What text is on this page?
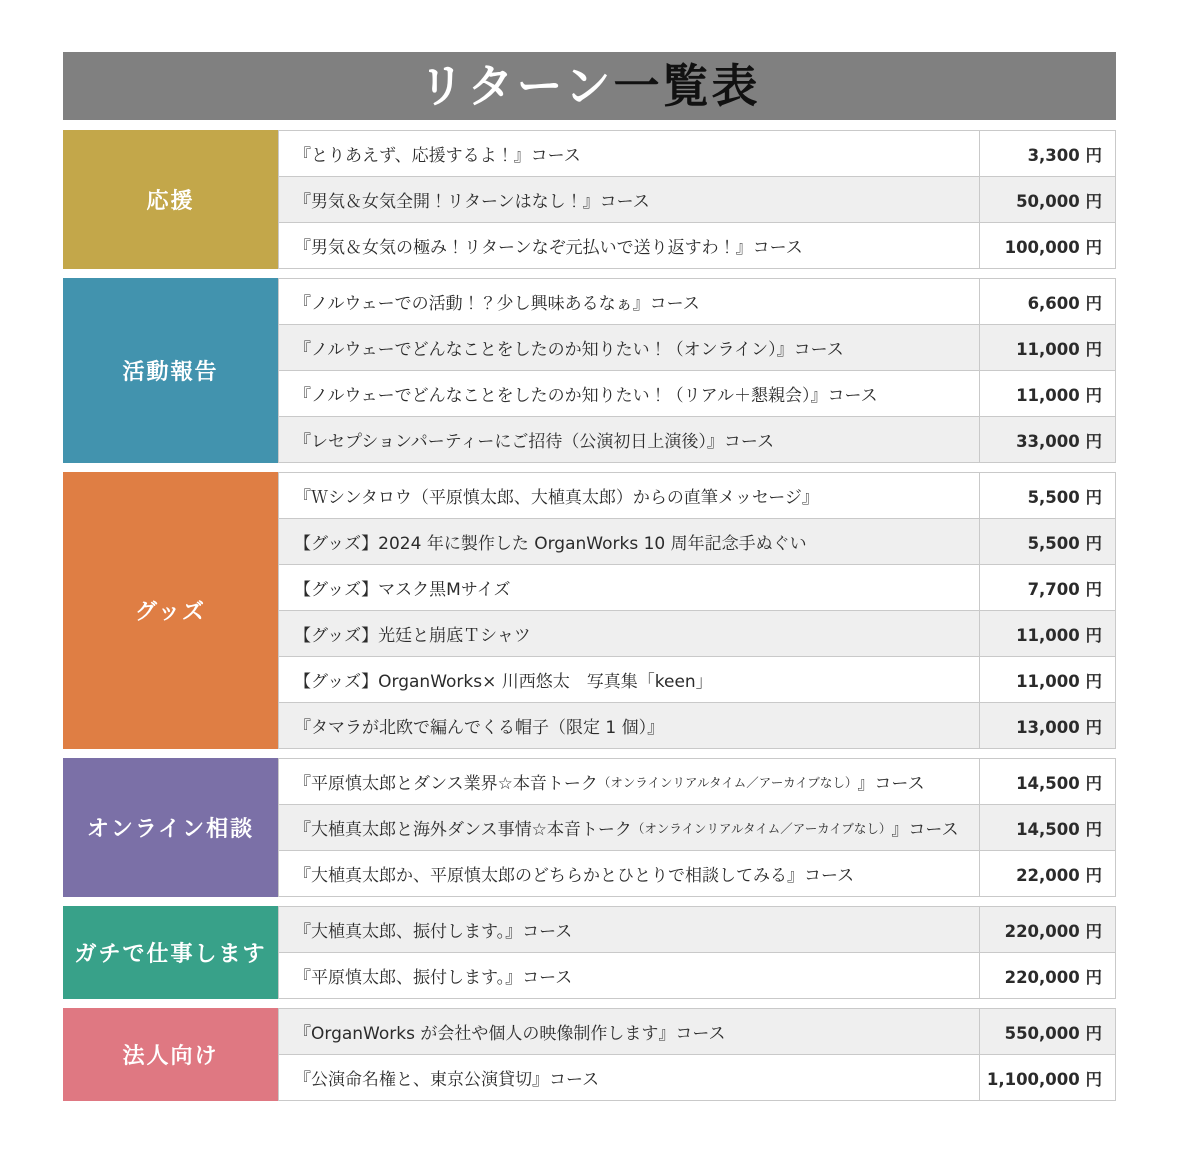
リターン 一覧表
応援
『とりあえず、応援するよ！』コース	3,300 円
『男気＆女気全開！リターンはなし！』コース	50,000 円
『男気＆女気の極み！リターンなぞ元払いで送り返すわ！』コース	100,000 円
活動報告
『ノルウェーでの活動！？少し興味あるなぁ』コース	6,600 円
『ノルウェーでどんなことをしたのか知りたい！（オンライン）』コース	11,000 円
『ノルウェーでどんなことをしたのか知りたい！（リアル＋懇親会）』コース	11,000 円
『レセプションパーティーにご招待（公演初日上演後）』コース	33,000 円
グッズ
『Ｗシンタロウ（平原慎太郎、大植真太郎）からの直筆メッセージ』	5,500 円
【グッズ】2024 年に製作した OrganWorks 10 周年記念手ぬぐい	5,500 円
【グッズ】マスク黒Mサイズ	7,700 円
【グッズ】光廷と崩底Ｔシャツ	11,000 円
【グッズ】OrganWorks× 川西悠太　写真集「keen」	11,000 円
『タマラが北欧で編んでくる帽子（限定 1 個）』	13,000 円
オンライン相談
『平原慎太郎とダンス業界☆本音トーク （オンラインリアルタイム／アーカイブなし） 』コース	14,500 円
『大植真太郎と海外ダンス事情☆本音トーク （オンラインリアルタイム／アーカイブなし） 』コース	14,500 円
『大植真太郎か、平原慎太郎のどちらかとひとりで相談してみる』コース	22,000 円
ガチで仕事します
『大植真太郎、振付します。』コース	220,000 円
『平原慎太郎、振付します。』コース	220,000 円
法人向け
『OrganWorks が会社や個人の映像制作します』コース	550,000 円
『公演命名権と、東京公演貸切』コース	1,100,000 円
